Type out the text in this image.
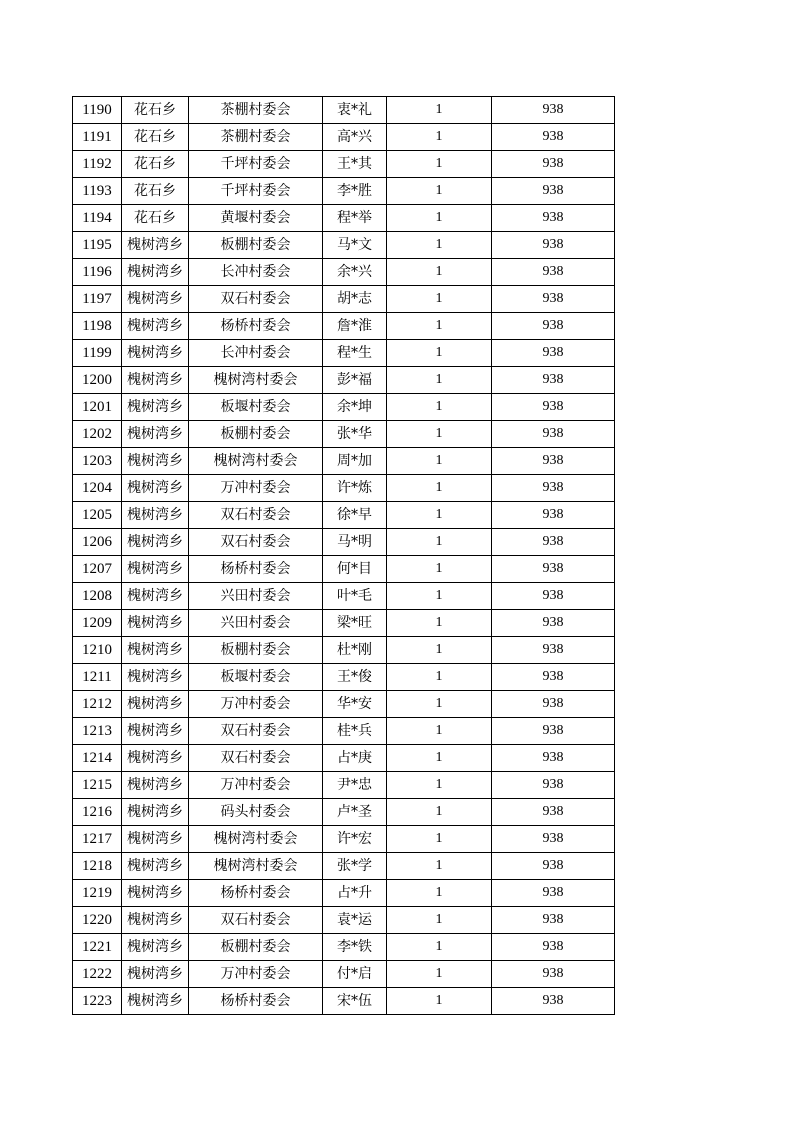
1190	花石乡	茶棚村委会	衷*礼	1	938
1191	花石乡	茶棚村委会	高*兴	1	938
1192	花石乡	千坪村委会	王*其	1	938
1193	花石乡	千坪村委会	李*胜	1	938
1194	花石乡	黄堰村委会	程*举	1	938
1195	槐树湾乡	板棚村委会	马*文	1	938
1196	槐树湾乡	长冲村委会	余*兴	1	938
1197	槐树湾乡	双石村委会	胡*志	1	938
1198	槐树湾乡	杨桥村委会	詹*淮	1	938
1199	槐树湾乡	长冲村委会	程*生	1	938
1200	槐树湾乡	槐树湾村委会	彭*福	1	938
1201	槐树湾乡	板堰村委会	余*坤	1	938
1202	槐树湾乡	板棚村委会	张*华	1	938
1203	槐树湾乡	槐树湾村委会	周*加	1	938
1204	槐树湾乡	万冲村委会	许*炼	1	938
1205	槐树湾乡	双石村委会	徐*早	1	938
1206	槐树湾乡	双石村委会	马*明	1	938
1207	槐树湾乡	杨桥村委会	何*目	1	938
1208	槐树湾乡	兴田村委会	叶*毛	1	938
1209	槐树湾乡	兴田村委会	梁*旺	1	938
1210	槐树湾乡	板棚村委会	杜*刚	1	938
1211	槐树湾乡	板堰村委会	王*俊	1	938
1212	槐树湾乡	万冲村委会	华*安	1	938
1213	槐树湾乡	双石村委会	桂*兵	1	938
1214	槐树湾乡	双石村委会	占*庚	1	938
1215	槐树湾乡	万冲村委会	尹*忠	1	938
1216	槐树湾乡	码头村委会	卢*圣	1	938
1217	槐树湾乡	槐树湾村委会	许*宏	1	938
1218	槐树湾乡	槐树湾村委会	张*学	1	938
1219	槐树湾乡	杨桥村委会	占*升	1	938
1220	槐树湾乡	双石村委会	袁*运	1	938
1221	槐树湾乡	板棚村委会	李*铁	1	938
1222	槐树湾乡	万冲村委会	付*启	1	938
1223	槐树湾乡	杨桥村委会	宋*伍	1	938
